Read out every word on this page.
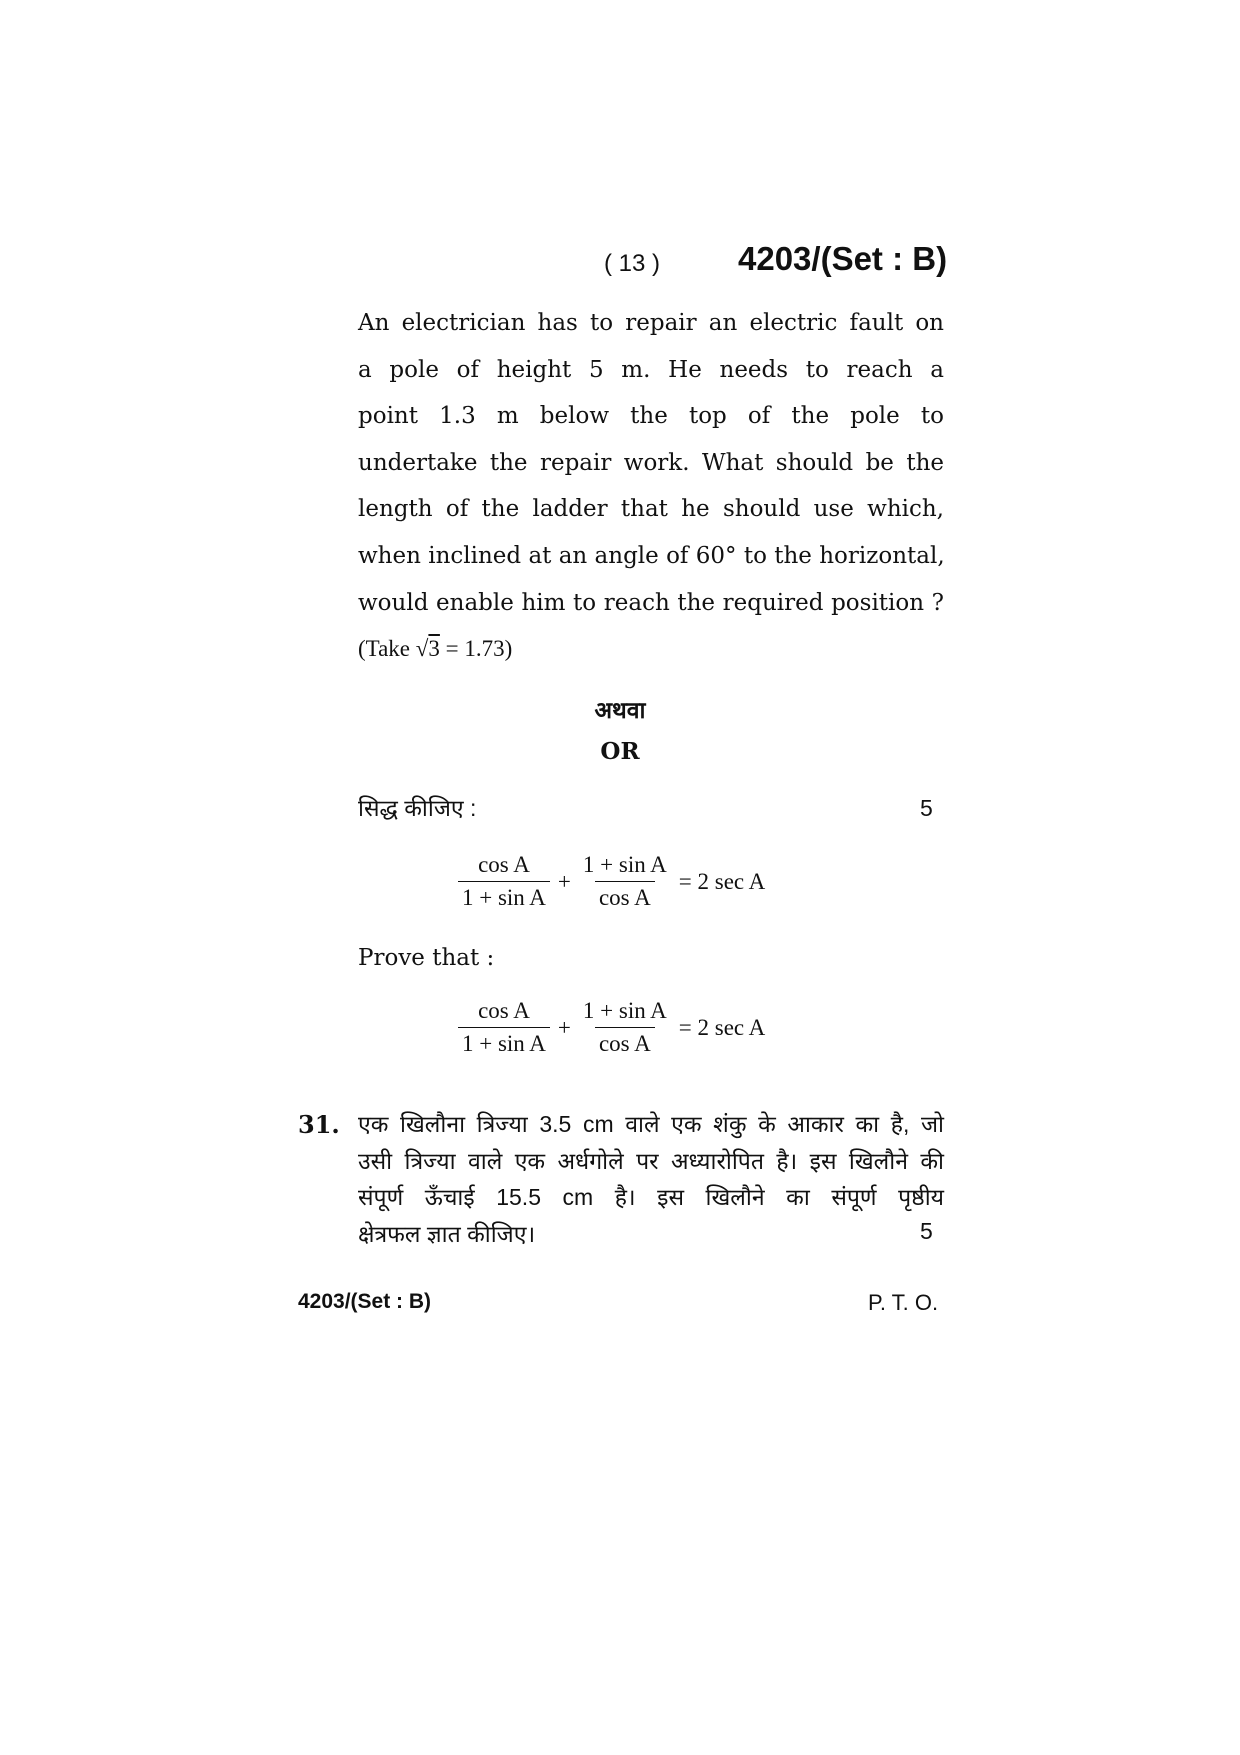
( 13 ) 4203/(Set : B)
An electrician has to repair an electric fault on
a pole of height 5 m. He needs to reach a
point 1.3 m below the top of the pole to
undertake the repair work. What should be the
length of the ladder that he should use which,
when inclined at an angle of 60° to the horizontal,
would enable him to reach the required position ?
(Take √3 = 1.73)
अथवा
OR
सिद्ध कीजिए :	5
$\frac{\text{cos A}}{\text{1 + sin A}} + \frac{\text{1 + sin A}}{\text{cos A}} = 2$ sec A
Prove that :
$\frac{\text{cos A}}{\text{1 + sin A}} + \frac{\text{1 + sin A}}{\text{cos A}} = 2$ sec A
31. एक खिलौना त्रिज्या 3.5 cm वाले एक शंकु के आकार का है, जो
उसी त्रिज्या वाले एक अर्धगोले पर अध्यारोपित है। इस खिलौने की
संपूर्ण ऊँचाई 15.5 cm है। इस खिलौने का संपूर्ण पृष्ठीय
क्षेत्रफल ज्ञात कीजिए।	5
4203/(Set : B)	P. T. O.
